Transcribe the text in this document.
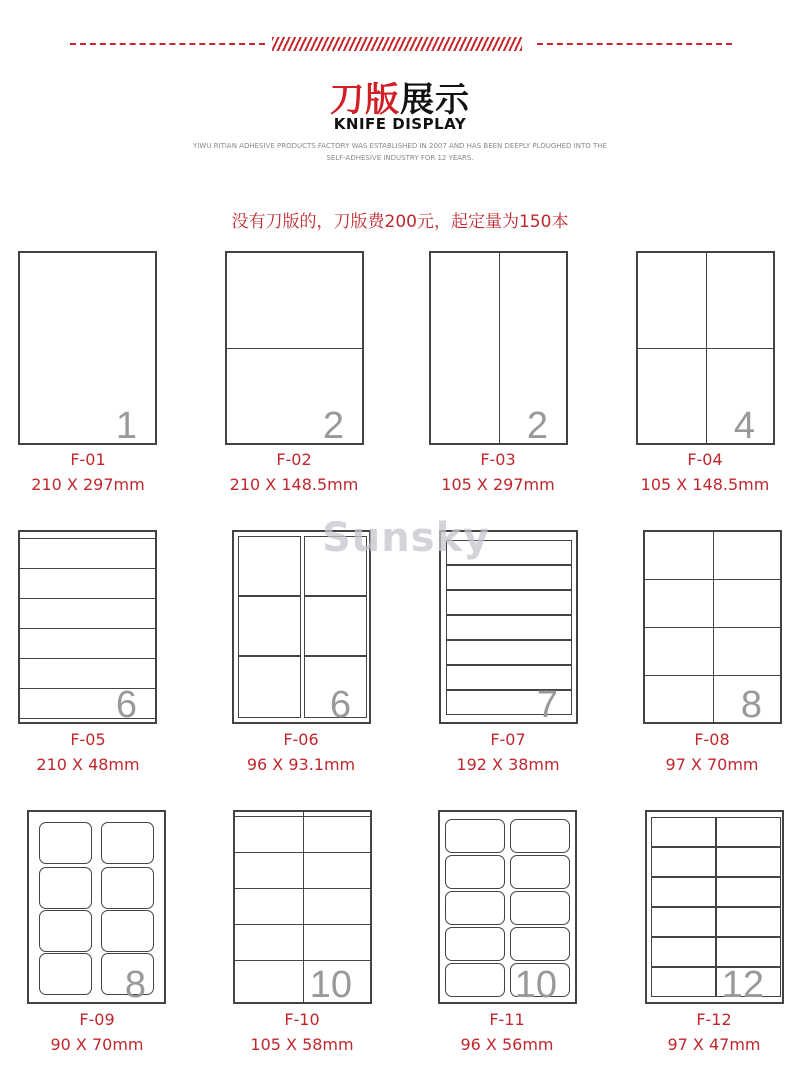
刀版展示
KNIFE DISPLAY
YIWU RITIAN ADHESIVE PRODUCTS FACTORY WAS ESTABLISHED IN 2007 AND HAS BEEN DEEPLY PLOUGHED INTO THE
SELF-ADHESIVE INDUSTRY FOR 12 YEARS.
没有刀版的，刀版费200元，起定量为150本
1	2	2	4
F-01
210 X 297mm
F-02
210 X 148.5mm
F-03
105 X 297mm
F-04
105 X 148.5mm
6	6	7	8
F-05
210 X 48mm
F-06
96 X 93.1mm
F-07
192 X 38mm
F-08
97 X 70mm
8	10	10	12
F-09
90 X 70mm
F-10
105 X 58mm
F-11
96 X 56mm
F-12
97 X 47mm
Sunsky
